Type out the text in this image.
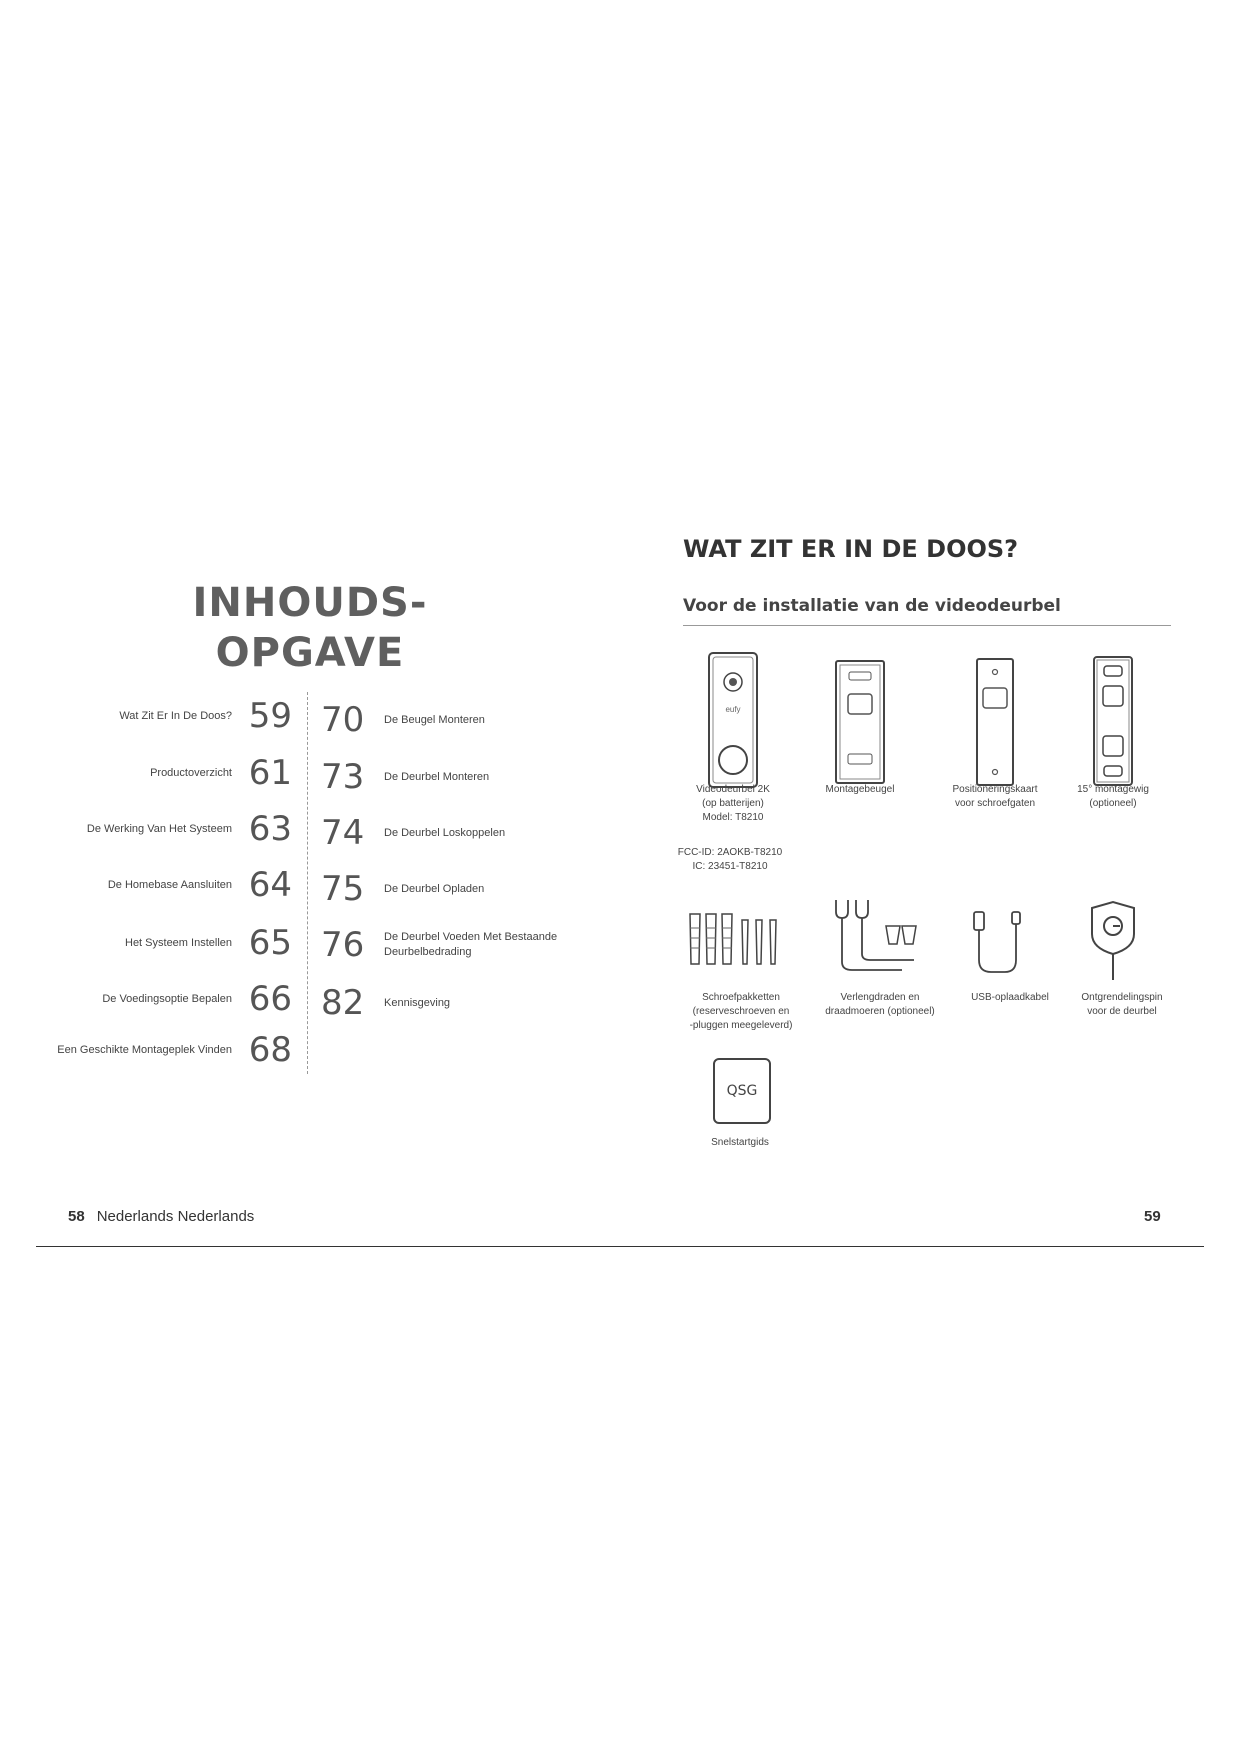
INHOUDS-
OPGAVE
Wat Zit Er In De Doos? 59
Productoverzicht 61
De Werking Van Het Systeem 63
De Homebase Aansluiten 64
Het Systeem Instellen 65
De Voedingsoptie Bepalen 66
Een Geschikte Montageplek Vinden 68
70	De Beugel Monteren
73	De Deurbel Monteren
74	De Deurbel Loskoppelen
75	De Deurbel Opladen
76	De Deurbel Voeden Met Bestaande Deurbelbedrading
82	Kennisgeving
WAT ZIT ER IN DE DOOS?
Voor de installatie van de videodeurbel
eufy
Videodeurbel 2K
(op batterijen)
Model: T8210
Montagebeugel	Positioneringskaart
voor schroefgaten
15° montagewig
(optioneel)
FCC-ID: 2AOKB-T8210
IC: 23451-T8210
Schroefpakketten
(reserveschroeven en
-pluggen meegeleverd)
Verlengdraden en
draadmoeren (optioneel)
USB-oplaadkabel	Ontgrendelingspin
voor de deurbel
QSG
Snelstartgids
58 Nederlands Nederlands	59
